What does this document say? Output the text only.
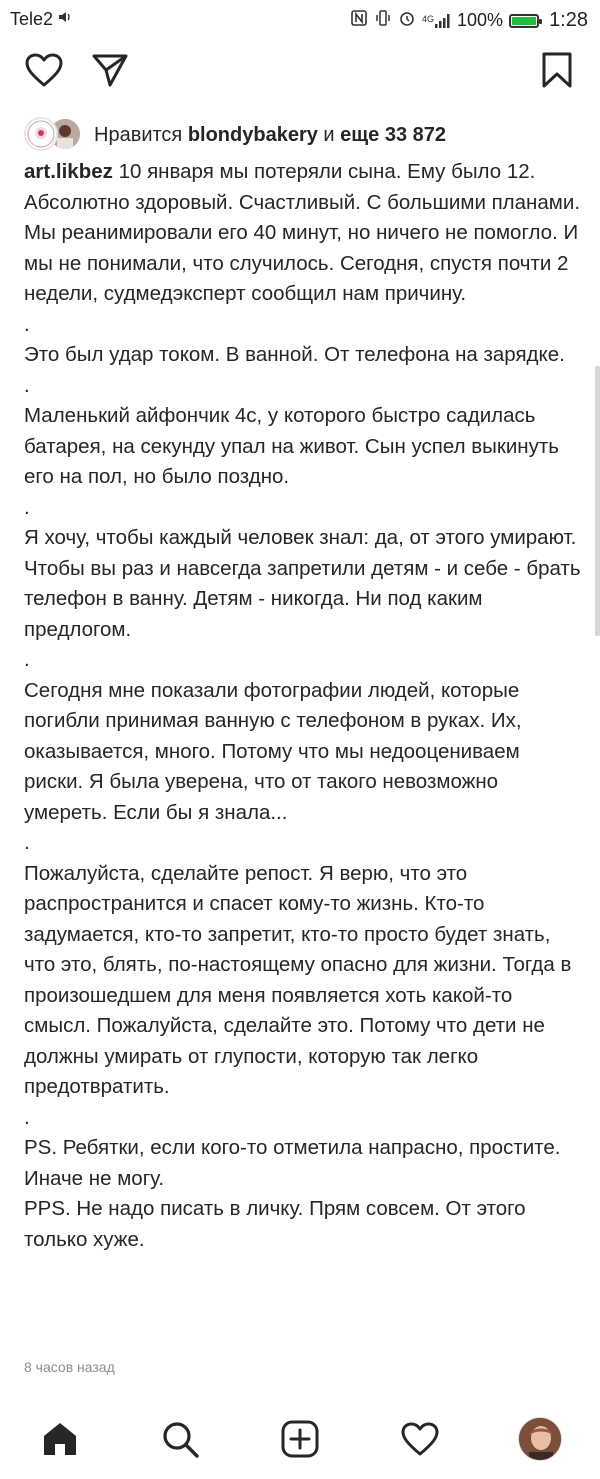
Tele2	4G 100% 1:28
Нравится blondybakery и еще 33 872

art.likbez 10 января мы потеряли сына. Ему было 12. Абсолютно здоровый. Счастливый. С большими планами. Мы реанимировали его 40 минут, но ничего не помогло. И мы не понимали, что случилось. Сегодня, спустя почти 2 недели, судмедэксперт сообщил нам причину.

.

Это был удар током. В ванной. От телефона на зарядке.

.

Маленький айфончик 4с, у которого быстро садилась батарея, на секунду упал на живот. Сын успел выкинуть его на пол, но было поздно.

.

Я хочу, чтобы каждый человек знал: да, от этого умирают. Чтобы вы раз и навсегда запретили детям - и себе - брать телефон в ванну. Детям - никогда. Ни под каким предлогом.

.

Сегодня мне показали фотографии людей, которые погибли принимая ванную с телефоном в руках. Их, оказывается, много. Потому что мы недооцениваем риски. Я была уверена, что от такого невозможно умереть. Если бы я знала...

.

Пожалуйста, сделайте репост. Я верю, что это распространится и спасет кому-то жизнь. Кто-то задумается, кто-то запретит, кто-то просто будет знать, что это, блять, по-настоящему опасно для жизни. Тогда в произошедшем для меня появляется хоть какой-то смысл. Пожалуйста, сделайте это. Потому что дети не должны умирать от глупости, которую так легко предотвратить.

.

PS. Ребятки, если кого-то отметила напрасно, простите. Иначе не могу.

PPS. Не надо писать в личку. Прям совсем. От этого только хуже.

8 часов назад
